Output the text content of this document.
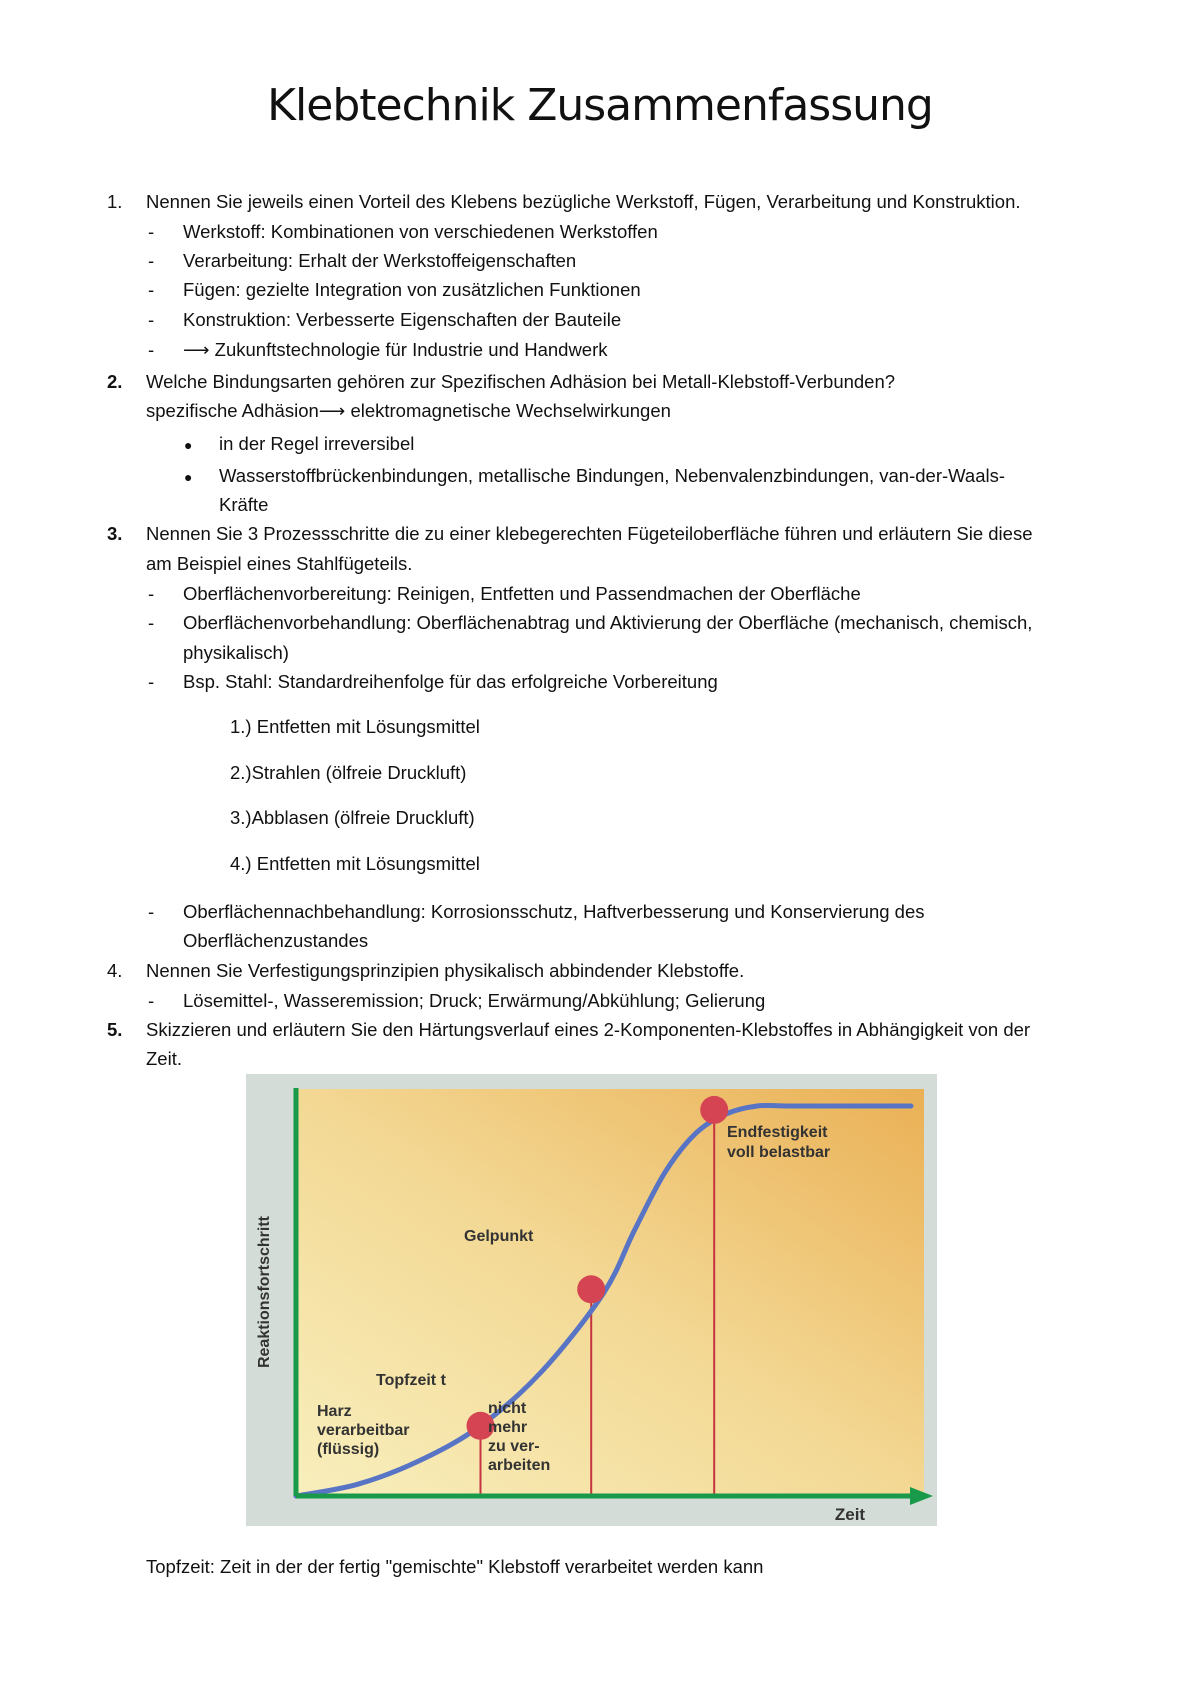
Klebtechnik Zusammenfassung
1. Nennen Sie jeweils einen Vorteil des Klebens bezügliche Werkstoff, Fügen, Verarbeitung und Konstruktion.
- Werkstoff: Kombinationen von verschiedenen Werkstoffen
- Verarbeitung: Erhalt der Werkstoffeigenschaften
- Fügen: gezielte Integration von zusätzlichen Funktionen
- Konstruktion: Verbesserte Eigenschaften der Bauteile
- ⟶ Zukunftstechnologie für Industrie und Handwerk
2. Welche Bindungsarten gehören zur Spezifischen Adhäsion bei Metall-Klebstoff-Verbunden?
spezifische Adhäsion⟶ elektromagnetische Wechselwirkungen
● in der Regel irreversibel
● Wasserstoffbrückenbindungen, metallische Bindungen, Nebenvalenzbindungen, van-der-Waals-
Kräfte
3. Nennen Sie 3 Prozessschritte die zu einer klebegerechten Fügeteiloberfläche führen und erläutern Sie diese
am Beispiel eines Stahlfügeteils.
- Oberflächenvorbereitung: Reinigen, Entfetten und Passendmachen der Oberfläche
- Oberflächenvorbehandlung: Oberflächenabtrag und Aktivierung der Oberfläche (mechanisch, chemisch,
physikalisch)
- Bsp. Stahl: Standardreihenfolge für das erfolgreiche Vorbereitung
1.) Entfetten mit Lösungsmittel
2.)Strahlen (ölfreie Druckluft)
3.)Abblasen (ölfreie Druckluft)
4.) Entfetten mit Lösungsmittel
- Oberflächennachbehandlung: Korrosionsschutz, Haftverbesserung und Konservierung des
Oberflächenzustandes
4. Nennen Sie Verfestigungsprinzipien physikalisch abbindender Klebstoffe.
- Lösemittel-, Wasseremission; Druck; Erwärmung/Abkühlung; Gelierung
5. Skizzieren und erläutern Sie den Härtungsverlauf eines 2-Komponenten-Klebstoffes in Abhängigkeit von der
Zeit.
Zeit
Reaktionsfortschritt
Harz
verarbeitbar
(flüssig)
nicht
mehr
zu ver-
arbeiten
Topfzeit t
Gelpunkt
Endfestigkeit
voll belastbar
Topfzeit: Zeit in der der fertig "gemischte" Klebstoff verarbeitet werden kann
